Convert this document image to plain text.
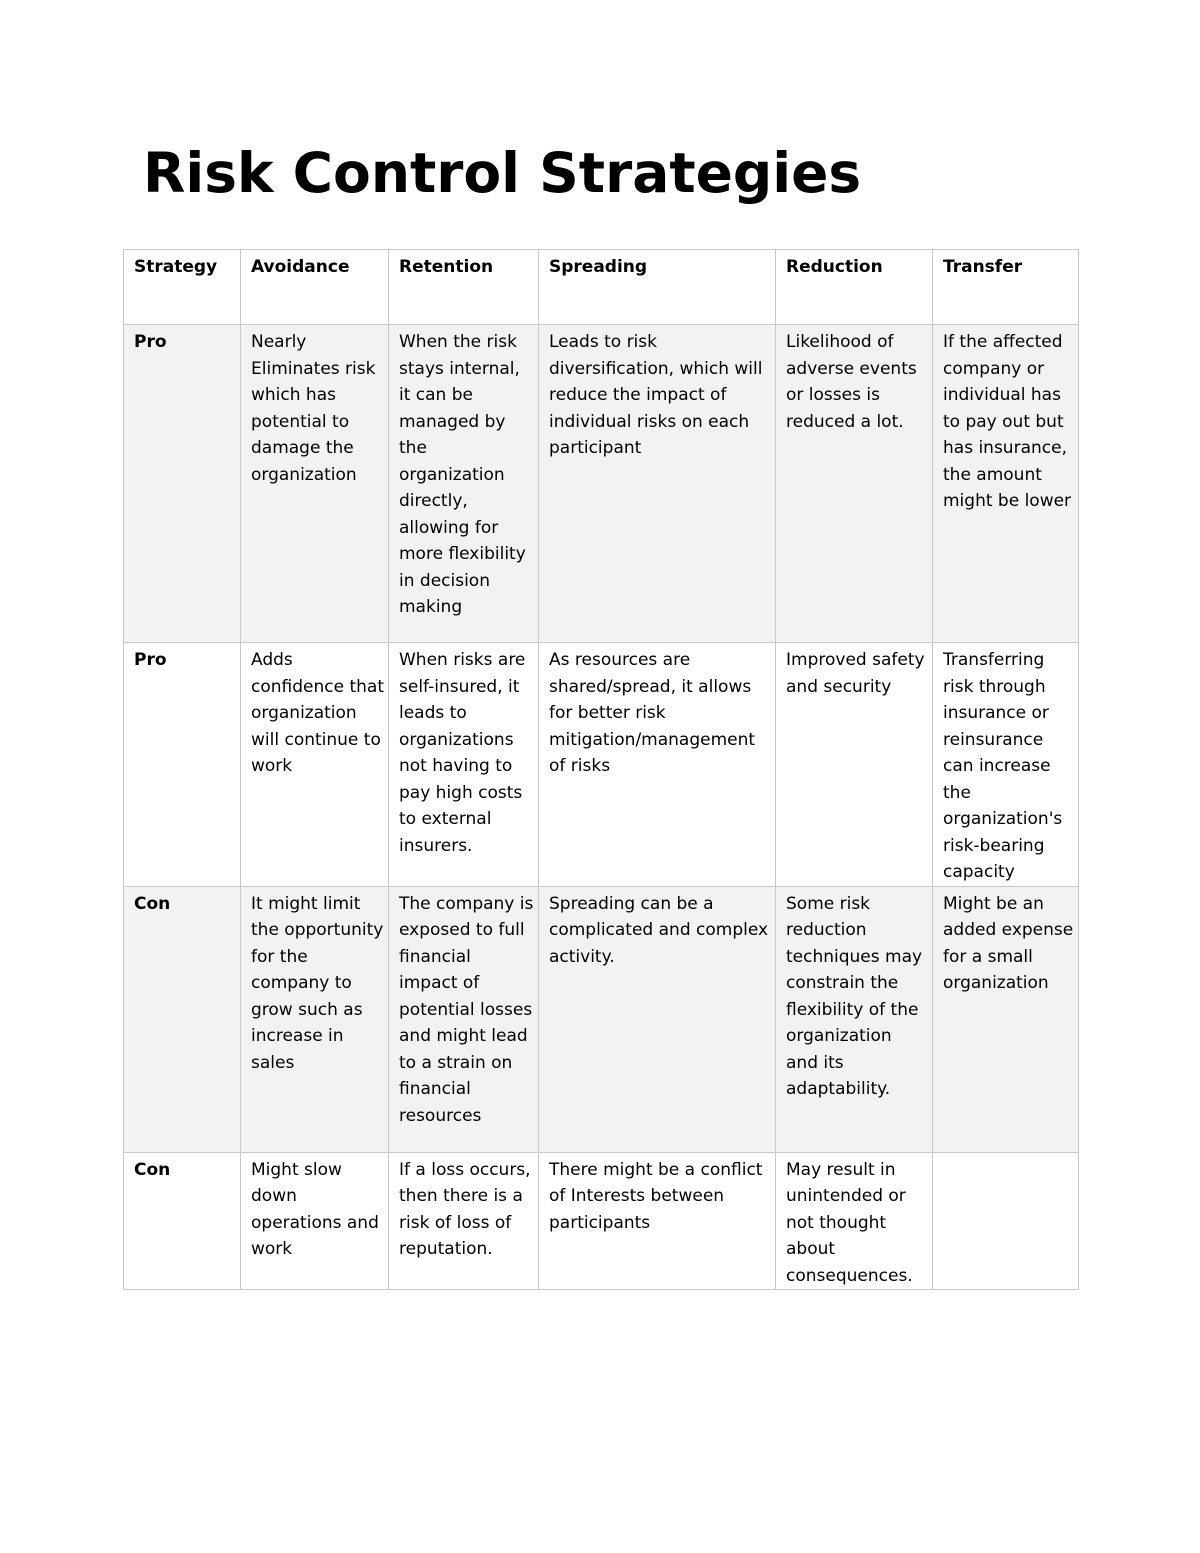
Risk Control Strategies
Strategy	Avoidance	Retention	Spreading	Reduction	Transfer
Pro	Nearly Eliminates risk which has potential to damage the organization	When the risk stays internal, it can be managed by the organization directly, allowing for more flexibility in decision making	Leads to risk diversification, which will reduce the impact of individual risks on each participant	Likelihood of adverse events or losses is reduced a lot.	If the affected company or individual has to pay out but has insurance, the amount might be lower
Pro	Adds confidence that organization will continue to work	When risks are self-insured, it leads to organizations not having to pay high costs to external insurers.	As resources are shared/spread, it allows for better risk mitigation/management of risks	Improved safety and security	Transferring risk through insurance or reinsurance can increase the organization's risk-bearing capacity
Con	It might limit the opportunity for the company to grow such as increase in sales	The company is exposed to full financial impact of potential losses and might lead to a strain on financial resources	Spreading can be a complicated and complex activity.	Some risk reduction techniques may constrain the flexibility of the organization and its adaptability.	Might be an added expense for a small organization
Con	Might slow down operations and work	If a loss occurs, then there is a risk of loss of reputation.	There might be a conflict of Interests between participants	May result in unintended or not thought about consequences.	
